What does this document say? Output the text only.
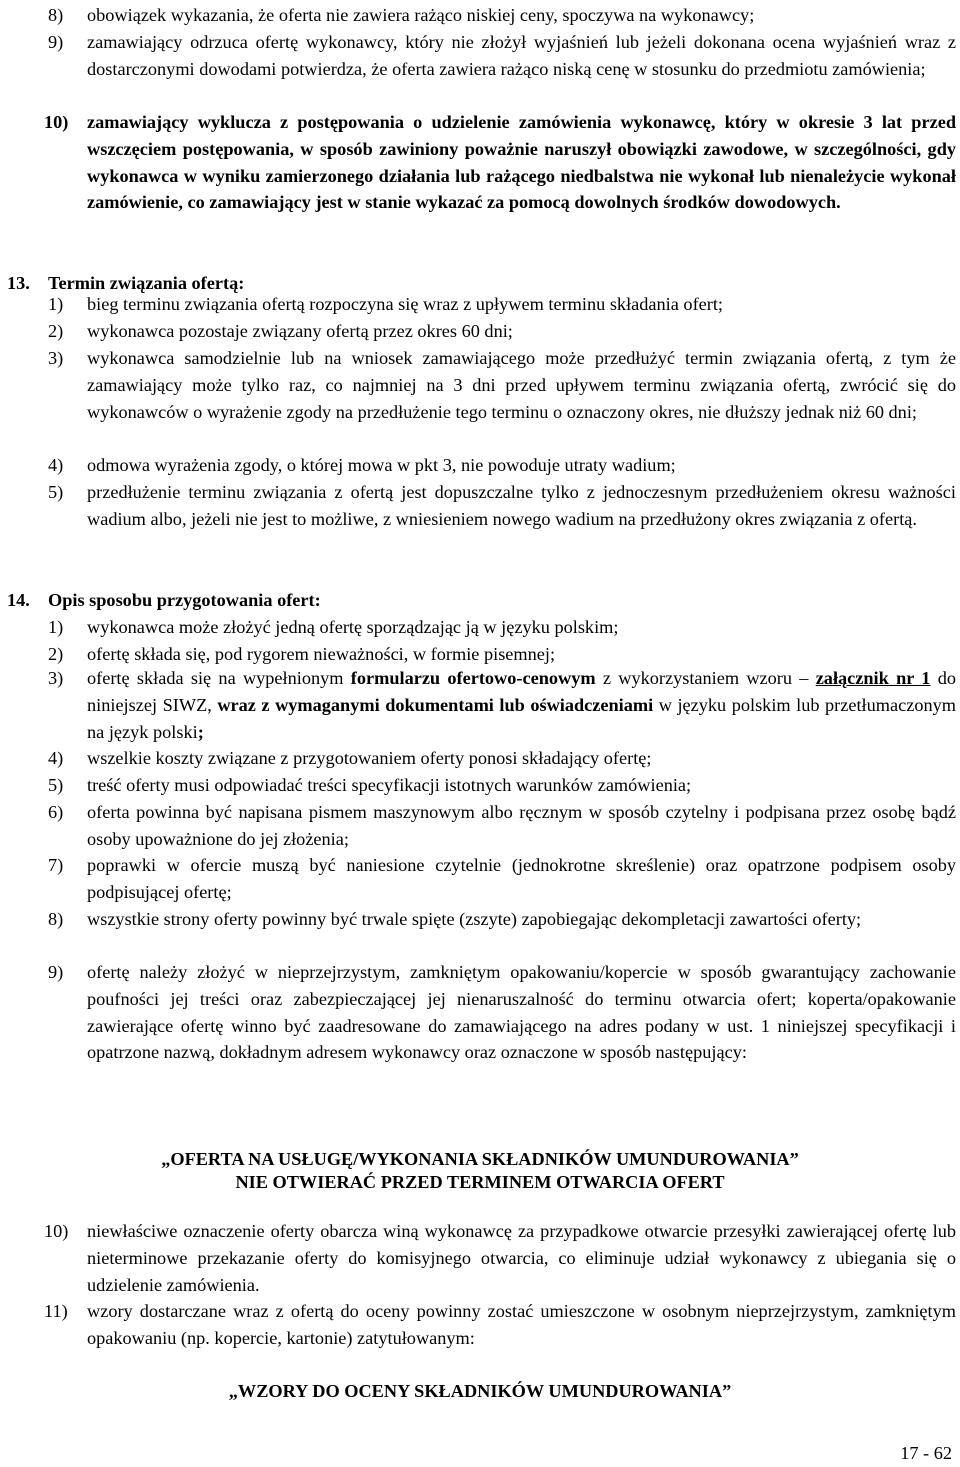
8) obowiązek wykazania, że oferta nie zawiera rażąco niskiej ceny, spoczywa na wykonawcy;
9) zamawiający odrzuca ofertę wykonawcy, który nie złożył wyjaśnień lub jeżeli dokonana ocena wyjaśnień wraz z dostarczonymi dowodami potwierdza, że oferta zawiera rażąco niską cenę w stosunku do przedmiotu zamówienia;
10) zamawiający wyklucza z postępowania o udzielenie zamówienia wykonawcę, który w okresie 3 lat przed wszczęciem postępowania, w sposób zawiniony poważnie naruszył obowiązki zawodowe, w szczególności, gdy wykonawca w wyniku zamierzonego działania lub rażącego niedbalstwa nie wykonał lub nienależycie wykonał zamówienie, co zamawiający jest w stanie wykazać za pomocą dowolnych środków dowodowych.
13. Termin związania ofertą:
1) bieg terminu związania ofertą rozpoczyna się wraz z upływem terminu składania ofert;
2) wykonawca pozostaje związany ofertą przez okres 60 dni;
3) wykonawca samodzielnie lub na wniosek zamawiającego może przedłużyć termin związania ofertą, z tym że zamawiający może tylko raz, co najmniej na 3 dni przed upływem terminu związania ofertą, zwrócić się do wykonawców o wyrażenie zgody na przedłużenie tego terminu o oznaczony okres, nie dłuższy jednak niż 60 dni;
4) odmowa wyrażenia zgody, o której mowa w pkt 3, nie powoduje utraty wadium;
5) przedłużenie terminu związania z ofertą jest dopuszczalne tylko z jednoczesnym przedłużeniem okresu ważności wadium albo, jeżeli nie jest to możliwe, z wniesieniem nowego wadium na przedłużony okres związania z ofertą.
14. Opis sposobu przygotowania ofert:
1) wykonawca może złożyć jedną ofertę sporządzając ją w języku polskim;
2) ofertę składa się, pod rygorem nieważności, w formie pisemnej;
3) ofertę składa się na wypełnionym formularzu ofertowo-cenowym z wykorzystaniem wzoru – załącznik nr 1 do niniejszej SIWZ, wraz z wymaganymi dokumentami lub oświadczeniami w języku polskim lub przetłumaczonym na język polski;
4) wszelkie koszty związane z przygotowaniem oferty ponosi składający ofertę;
5) treść oferty musi odpowiadać treści specyfikacji istotnych warunków zamówienia;
6) oferta powinna być napisana pismem maszynowym albo ręcznym w sposób czytelny i podpisana przez osobę bądź osoby upoważnione do jej złożenia;
7) poprawki w ofercie muszą być naniesione czytelnie (jednokrotne skreślenie) oraz opatrzone podpisem osoby podpisującej ofertę;
8) wszystkie strony oferty powinny być trwale spięte (zszyte) zapobiegając dekompletacji zawartości oferty;
9) ofertę należy złożyć w nieprzejrzystym, zamkniętym opakowaniu/kopercie w sposób gwarantujący zachowanie poufności jej treści oraz zabezpieczającej jej nienaruszalność do terminu otwarcia ofert; koperta/opakowanie zawierające ofertę winno być zaadresowane do zamawiającego na adres podany w ust. 1 niniejszej specyfikacji i opatrzone nazwą, dokładnym adresem wykonawcy oraz oznaczone w sposób następujący:
„OFERTA NA USŁUGĘ/WYKONANIA SKŁADNIKÓW UMUNDUROWANIA”
NIE OTWIERAĆ PRZED TERMINEM OTWARCIA OFERT
10) niewłaściwe oznaczenie oferty obarcza winą wykonawcę za przypadkowe otwarcie przesyłki zawierającej ofertę lub nieterminowe przekazanie oferty do komisyjnego otwarcia, co eliminuje udział wykonawcy z ubiegania się o udzielenie zamówienia.
11) wzory dostarczane wraz z ofertą do oceny powinny zostać umieszczone w osobnym nieprzejrzystym, zamkniętym opakowaniu (np. kopercie, kartonie) zatytułowanym:
„WZORY DO OCENY SKŁADNIKÓW UMUNDUROWANIA”
17 - 62
